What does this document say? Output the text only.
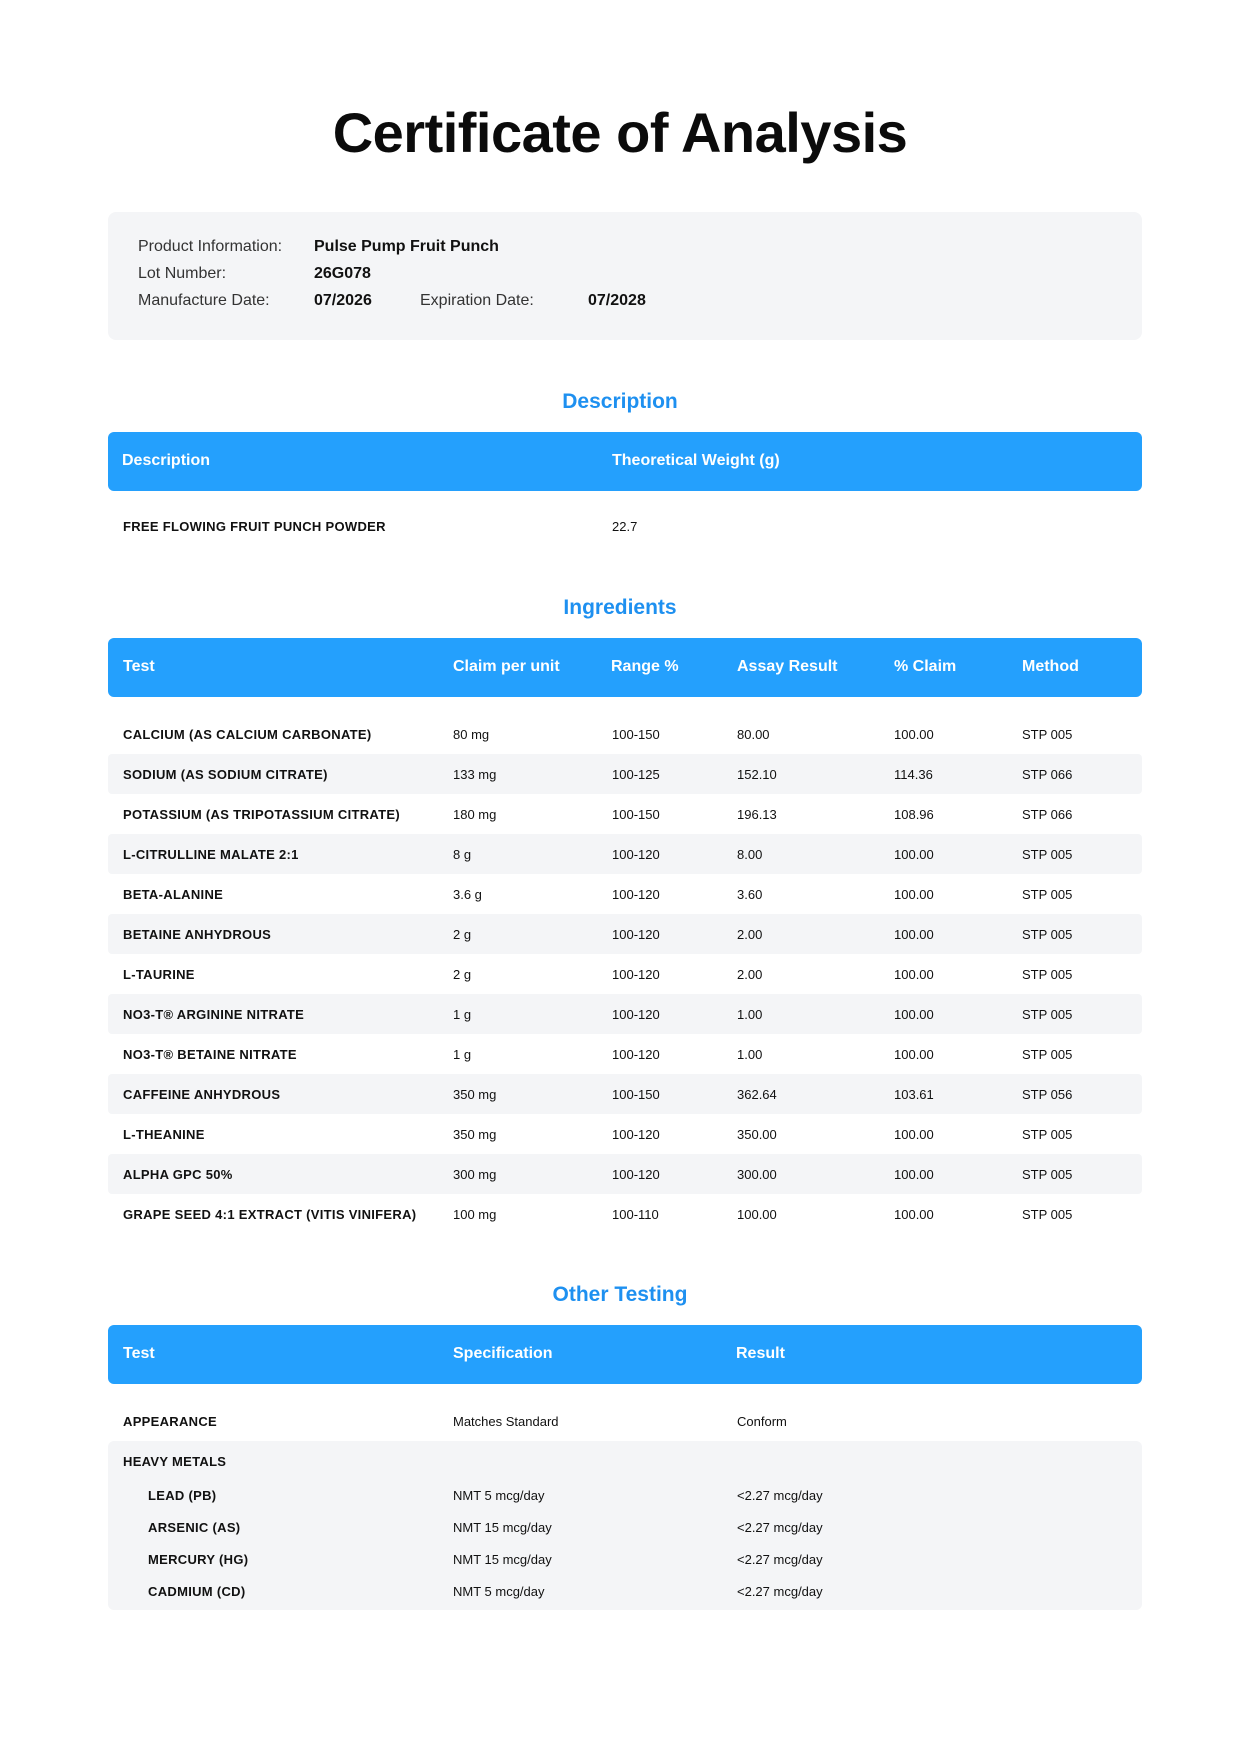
Certificate of Analysis
Product Information:	Pulse Pump Fruit Punch
Lot Number:	26G078
Manufacture Date:	07/2026	Expiration Date:	07/2028
Description
Description	Theoretical Weight (g)
FREE FLOWING FRUIT PUNCH POWDER	22.7
Ingredients
Test	Claim per unit	Range %	Assay Result	% Claim	Method
CALCIUM (AS CALCIUM CARBONATE)	80 mg	100-150	80.00	100.00	STP 005
SODIUM (AS SODIUM CITRATE)	133 mg	100-125	152.10	114.36	STP 066
POTASSIUM (AS TRIPOTASSIUM CITRATE)	180 mg	100-150	196.13	108.96	STP 066
L-CITRULLINE MALATE 2:1	8 g	100-120	8.00	100.00	STP 005
BETA-ALANINE	3.6 g	100-120	3.60	100.00	STP 005
BETAINE ANHYDROUS	2 g	100-120	2.00	100.00	STP 005
L-TAURINE	2 g	100-120	2.00	100.00	STP 005
NO3-T® ARGININE NITRATE	1 g	100-120	1.00	100.00	STP 005
NO3-T® BETAINE NITRATE	1 g	100-120	1.00	100.00	STP 005
CAFFEINE ANHYDROUS	350 mg	100-150	362.64	103.61	STP 056
L-THEANINE	350 mg	100-120	350.00	100.00	STP 005
ALPHA GPC 50%	300 mg	100-120	300.00	100.00	STP 005
GRAPE SEED 4:1 EXTRACT (VITIS VINIFERA)	100 mg	100-110	100.00	100.00	STP 005
Other Testing
Test	Specification	Result
APPEARANCE	Matches Standard	Conform
HEAVY METALS
LEAD (PB)	NMT 5 mcg/day	<2.27 mcg/day
ARSENIC (AS)	NMT 15 mcg/day	<2.27 mcg/day
MERCURY (HG)	NMT 15 mcg/day	<2.27 mcg/day
CADMIUM (CD)	NMT 5 mcg/day	<2.27 mcg/day
